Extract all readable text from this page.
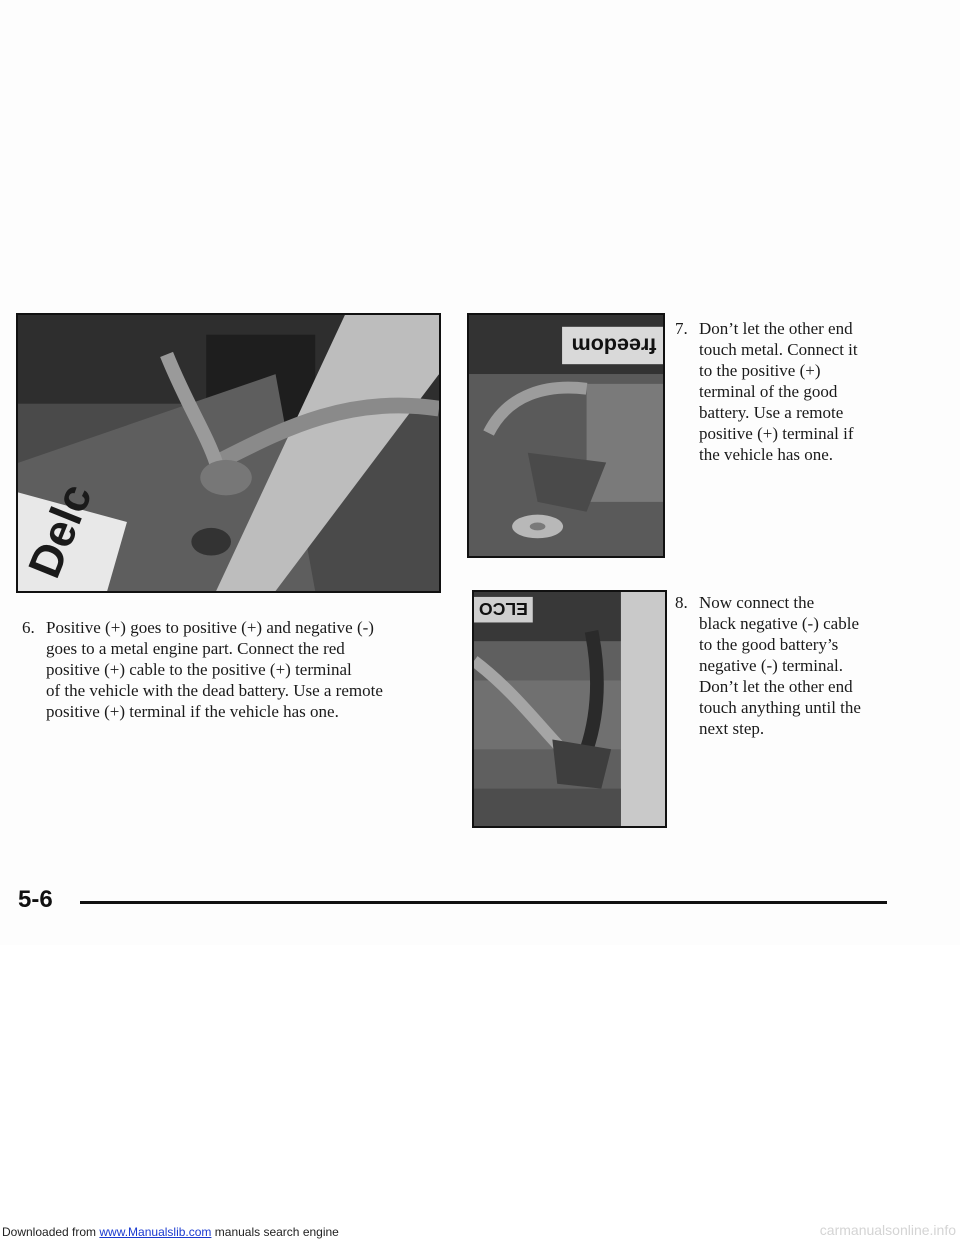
Delc
freedom
ELCO
6. Positive (+) goes to positive (+) and negative (-)
goes to a metal engine part. Connect the red
positive (+) cable to the positive (+) terminal
of the vehicle with the dead battery. Use a remote
positive (+) terminal if the vehicle has one.
7. Don’t let the other end
touch metal. Connect it
to the positive (+)
terminal of the good
battery. Use a remote
positive (+) terminal if
the vehicle has one.
8. Now connect the
black negative (-) cable
to the good battery’s
negative (-) terminal.
Don’t let the other end
touch anything until the
next step.
5-6
Downloaded from www.Manualslib.com manuals search engine	carmanualsonline.info
